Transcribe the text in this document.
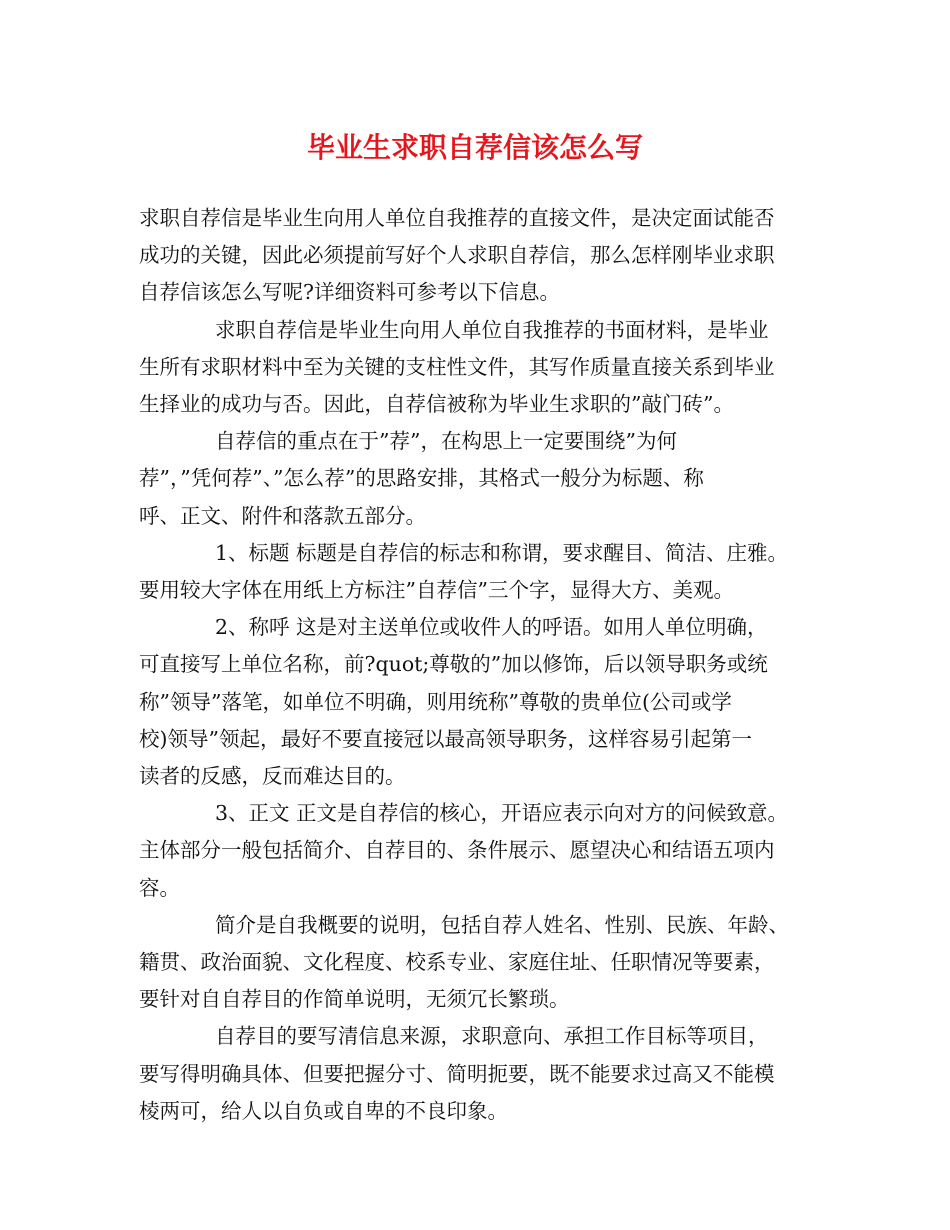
毕业生求职自荐信该怎么写
求职自荐信是毕业生向用人单位自我推荐的直接文件，是决定面试能否
成功的关键，因此必须提前写好个人求职自荐信，那么怎样刚毕业求职
自荐信该怎么写呢?详细资料可参考以下信息。
求职自荐信是毕业生向用人单位自我推荐的书面材料，是毕业
生所有求职材料中至为关键的支柱性文件，其写作质量直接关系到毕业
生择业的成功与否。因此，自荐信被称为毕业生求职的”敲门砖”。
自荐信的重点在于”荐”，在构思上一定要围绕”为何
荐”，”凭何荐”、”怎么荐”的思路安排，其格式一般分为标题、称
呼、正文、附件和落款五部分。
1、标题 标题是自荐信的标志和称谓，要求醒目、简洁、庄雅。
要用较大字体在用纸上方标注”自荐信”三个字，显得大方、美观。
2、称呼 这是对主送单位或收件人的呼语。如用人单位明确，
可直接写上单位名称，前?quot;尊敬的”加以修饰，后以领导职务或统
称”领导”落笔，如单位不明确，则用统称”尊敬的贵单位(公司或学
校)领导”领起，最好不要直接冠以最高领导职务，这样容易引起第一
读者的反感，反而难达目的。
3、正文 正文是自荐信的核心，开语应表示向对方的问候致意。
主体部分一般包括简介、自荐目的、条件展示、愿望决心和结语五项内
容。
简介是自我概要的说明，包括自荐人姓名、性别、民族、年龄、
籍贯、政治面貌、文化程度、校系专业、家庭住址、任职情况等要素，
要针对自自荐目的作简单说明，无须冗长繁琐。
自荐目的要写清信息来源，求职意向、承担工作目标等项目，
要写得明确具体、但要把握分寸、简明扼要，既不能要求过高又不能模
棱两可，给人以自负或自卑的不良印象。
